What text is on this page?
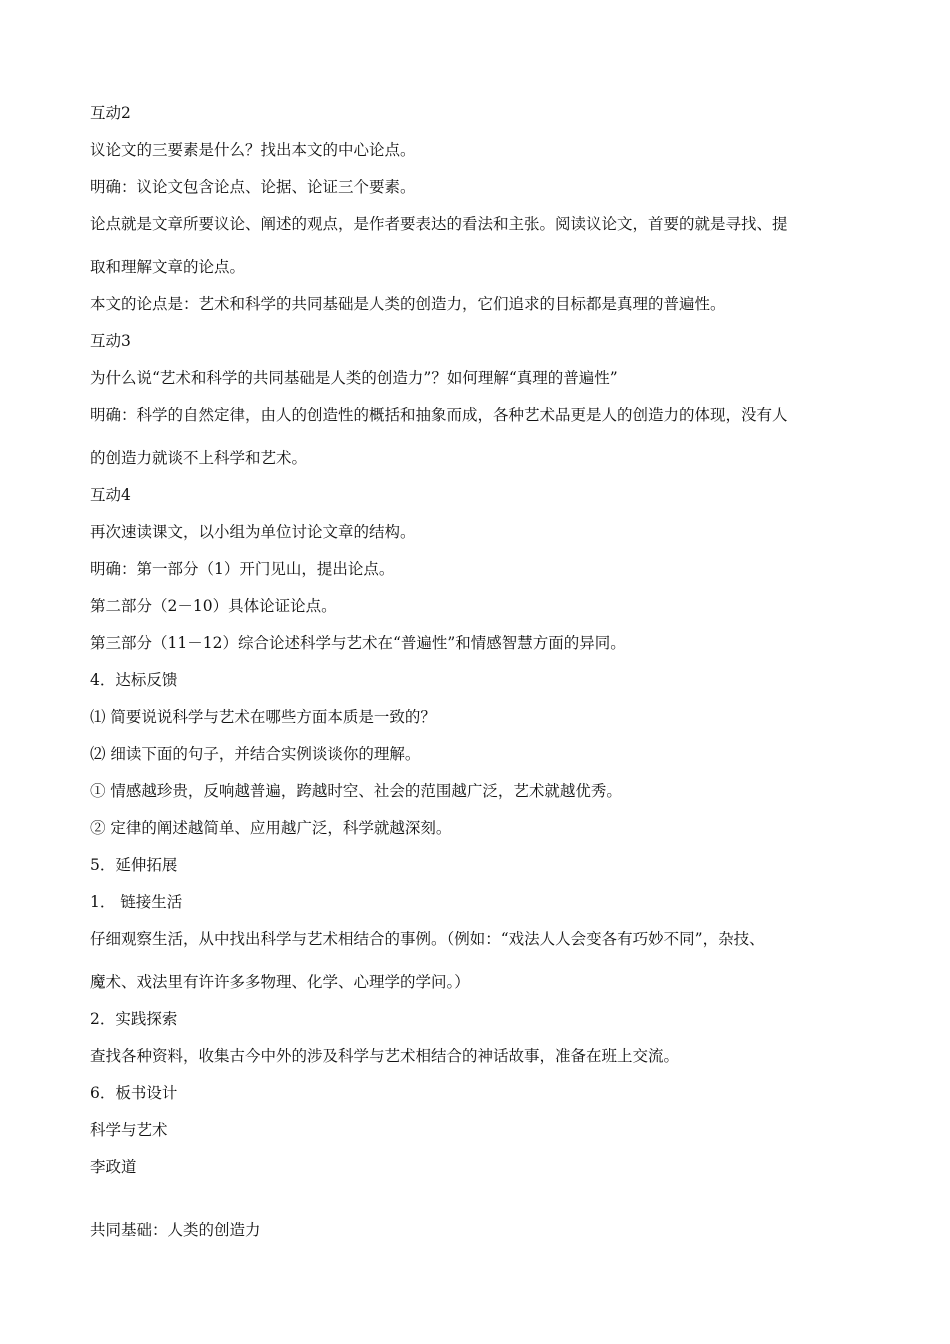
互动2
议论文的三要素是什么？找出本文的中心论点。
明确：议论文包含论点、论据、论证三个要素。
论点就是文章所要议论、阐述的观点，是作者要表达的看法和主张。阅读议论文，首要的就是寻找、提
取和理解文章的论点。
本文的论点是：艺术和科学的共同基础是人类的创造力，它们追求的目标都是真理的普遍性。
互动3
为什么说“艺术和科学的共同基础是人类的创造力”？如何理解“真理的普遍性”
明确：科学的自然定律，由人的创造性的概括和抽象而成，各种艺术品更是人的创造力的体现，没有人
的创造力就谈不上科学和艺术。
互动4
再次速读课文，以小组为单位讨论文章的结构。
明确：第一部分（1）开门见山，提出论点。
第二部分（2－10）具体论证论点。
第三部分（11－12）综合论述科学与艺术在“普遍性”和情感智慧方面的异同。
4．达标反馈
⑴ 简要说说科学与艺术在哪些方面本质是一致的？
⑵ 细读下面的句子，并结合实例谈谈你的理解。
① 情感越珍贵，反响越普遍，跨越时空、社会的范围越广泛，艺术就越优秀。
② 定律的阐述越简单、应用越广泛，科学就越深刻。
5．延伸拓展
1． 链接生活
仔细观察生活，从中找出科学与艺术相结合的事例。（例如：“戏法人人会变各有巧妙不同”，杂技、
魔术、戏法里有许许多多物理、化学、心理学的学问。）
2．实践探索
查找各种资料，收集古今中外的涉及科学与艺术相结合的神话故事，准备在班上交流。
6．板书设计
科学与艺术
李政道
共同基础：人类的创造力
